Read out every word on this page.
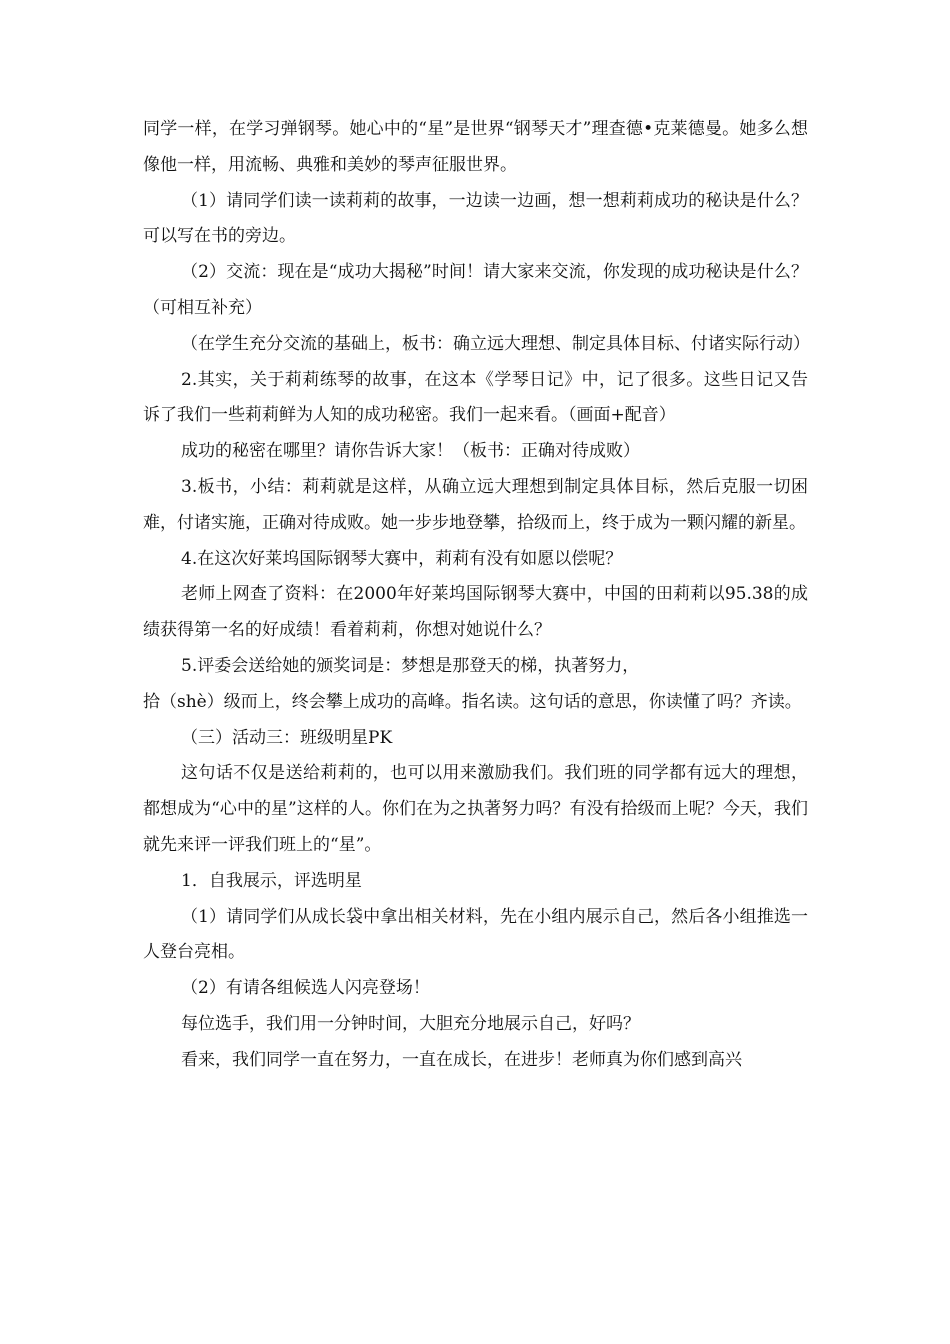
同学一样，在学习弹钢琴。她心中的“星”是世界“钢琴天才”理查德•克莱德曼。她多么想像他一样，用流畅、典雅和美妙的琴声征服世界。

（1）请同学们读一读莉莉的故事，一边读一边画，想一想莉莉成功的秘诀是什么？可以写在书的旁边。

（2）交流：现在是“成功大揭秘”时间！请大家来交流，你发现的成功秘诀是什么？（可相互补充）

（在学生充分交流的基础上，板书：确立远大理想、制定具体目标、付诸实际行动）

2.其实，关于莉莉练琴的故事，在这本《学琴日记》中，记了很多。这些日记又告诉了我们一些莉莉鲜为人知的成功秘密。我们一起来看。（画面+配音）

成功的秘密在哪里？请你告诉大家！（板书：正确对待成败）

3.板书，小结：莉莉就是这样，从确立远大理想到制定具体目标，然后克服一切困难，付诸实施，正确对待成败。她一步步地登攀，拾级而上，终于成为一颗闪耀的新星。

4.在这次好莱坞国际钢琴大赛中，莉莉有没有如愿以偿呢？

老师上网查了资料：在2000年好莱坞国际钢琴大赛中，中国的田莉莉以95.38的成绩获得第一名的好成绩！看着莉莉，你想对她说什么？

5.评委会送给她的颁奖词是：梦想是那登天的梯，执著努力，

拾（shè）级而上，终会攀上成功的高峰。指名读。这句话的意思，你读懂了吗？齐读。

（三）活动三：班级明星PK

这句话不仅是送给莉莉的，也可以用来激励我们。我们班的同学都有远大的理想，都想成为“心中的星”这样的人。你们在为之执著努力吗？有没有拾级而上呢？今天，我们就先来评一评我们班上的“星”。

1．自我展示，评选明星

（1）请同学们从成长袋中拿出相关材料，先在小组内展示自己，然后各小组推选一人登台亮相。

（2）有请各组候选人闪亮登场！

每位选手，我们用一分钟时间，大胆充分地展示自己，好吗？

看来，我们同学一直在努力，一直在成长，在进步！老师真为你们感到高兴
